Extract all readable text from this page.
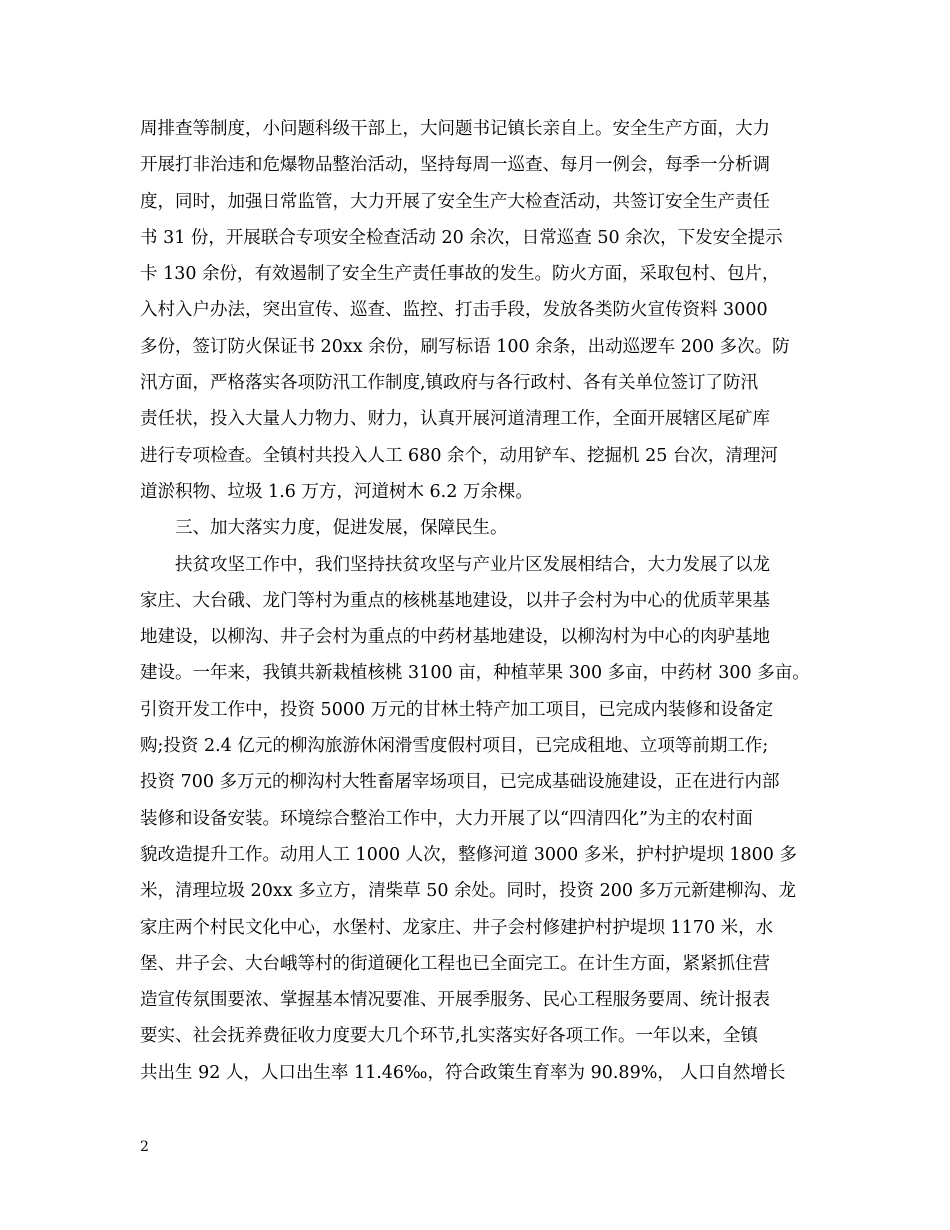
周排查等制度，小问题科级干部上，大问题书记镇长亲自上。安全生产方面，大力
开展打非治违和危爆物品整治活动，坚持每周一巡查、每月一例会，每季一分析调
度，同时，加强日常监管，大力开展了安全生产大检查活动，共签订安全生产责任
书 31 份，开展联合专项安全检查活动 20 余次，日常巡查 50 余次，下发安全提示
卡 130 余份，有效遏制了安全生产责任事故的发生。防火方面，采取包村、包片，
入村入户办法，突出宣传、巡查、监控、打击手段，发放各类防火宣传资料 3000
多份，签订防火保证书 20xx 余份，刷写标语 100 余条，出动巡逻车 200 多次。防
汛方面，严格落实各项防汛工作制度,镇政府与各行政村、各有关单位签订了防汛
责任状，投入大量人力物力、财力，认真开展河道清理工作，全面开展辖区尾矿库
进行专项检查。全镇村共投入人工 680 余个，动用铲车、挖掘机 25 台次，清理河
道淤积物、垃圾 1.6 万方，河道树木 6.2 万余棵。
三、加大落实力度，促进发展，保障民生。
扶贫攻坚工作中，我们坚持扶贫攻坚与产业片区发展相结合，大力发展了以龙
家庄、大台硪、龙门等村为重点的核桃基地建设，以井子会村为中心的优质苹果基
地建设，以柳沟、井子会村为重点的中药材基地建设，以柳沟村为中心的肉驴基地
建设。一年来，我镇共新栽植核桃 3100 亩，种植苹果 300 多亩，中药材 300 多亩。
引资开发工作中，投资 5000 万元的甘林土特产加工项目，已完成内装修和设备定
购;投资 2.4 亿元的柳沟旅游休闲滑雪度假村项目，已完成租地、立项等前期工作;
投资 700 多万元的柳沟村大牲畜屠宰场项目，已完成基础设施建设，正在进行内部
装修和设备安装。环境综合整治工作中，大力开展了以“四清四化”为主的农村面
貌改造提升工作。动用人工 1000 人次，整修河道 3000 多米，护村护堤坝 1800 多
米，清理垃圾 20xx 多立方，清柴草 50 余处。同时，投资 200 多万元新建柳沟、龙
家庄两个村民文化中心，水堡村、龙家庄、井子会村修建护村护堤坝 1170 米，水
堡、井子会、大台峨等村的街道硬化工程也已全面完工。在计生方面，紧紧抓住营
造宣传氛围要浓、掌握基本情况要准、开展季服务、民心工程服务要周、统计报表
要实、社会抚养费征收力度要大几个环节,扎实落实好各项工作。一年以来，全镇
共出生 92 人，人口出生率 11.46‰，符合政策生育率为 90.89%， 人口自然增长
2
